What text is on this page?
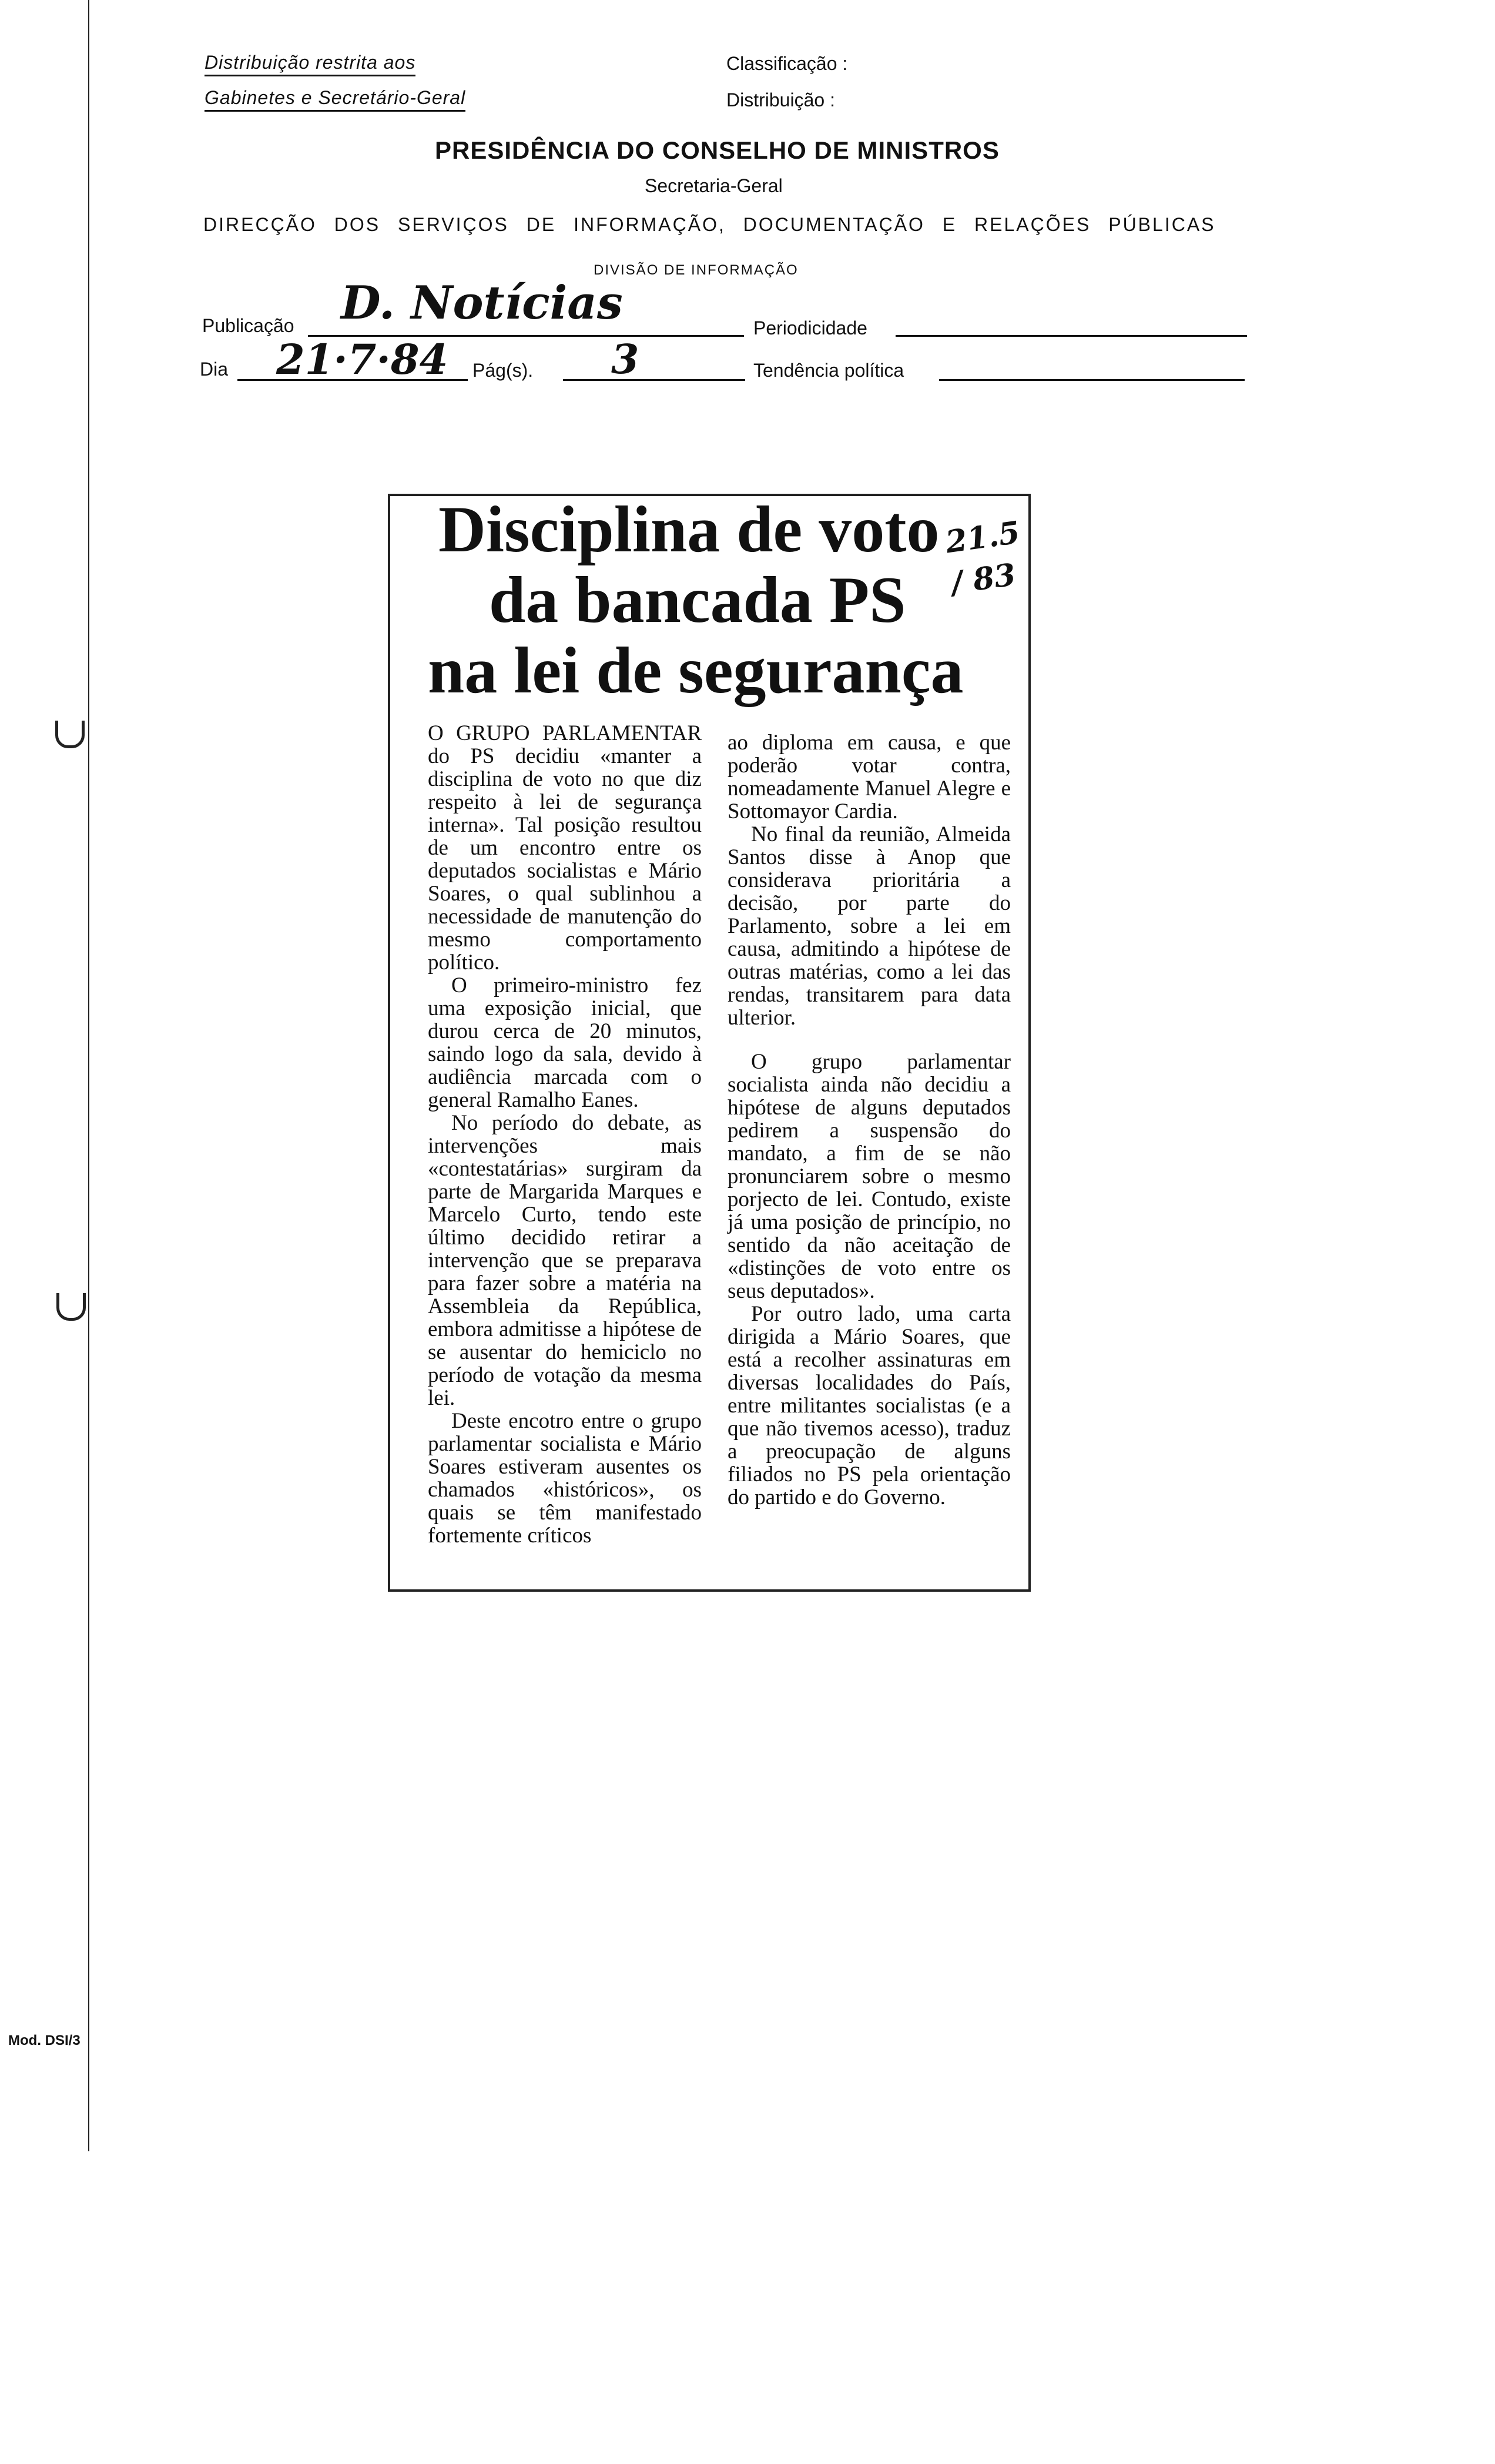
Distribuição restrita aos
Gabinetes e Secretário-Geral
Classificação :
Distribuição :
PRESIDÊNCIA DO CONSELHO DE MINISTROS
Secretaria-Geral
DIRECÇÃO DOS SERVIÇOS DE INFORMAÇÃO, DOCUMENTAÇÃO E RELAÇÕES PÚBLICAS
DIVISÃO DE INFORMAÇÃO
Publicação D. Notícias	Periodicidade
Dia 21·7·84 Pág(s). 3	Tendência política
Disciplina de voto
da bancada PS
na lei de segurança
21.5 / 83

O GRUPO PARLAMENTAR do PS decidiu «manter a disciplina de voto no que diz respeito à lei de segurança interna». Tal posição resultou de um encontro entre os deputados socialistas e Mário Soares, o qual sublinhou a necessidade de manutenção do mesmo comportamento político.

O primeiro-ministro fez uma exposição inicial, que durou cerca de 20 minutos, saindo logo da sala, devido à audiência marcada com o general Ramalho Eanes.

No período do debate, as intervenções mais «contestatárias» surgiram da parte de Margarida Marques e Marcelo Curto, tendo este último decidido retirar a intervenção que se preparava para fazer sobre a matéria na Assembleia da República, embora admitisse a hipótese de se ausentar do hemiciclo no período de votação da mesma lei.

Deste encotro entre o grupo parlamentar socialista e Mário Soares estiveram ausentes os chamados «históricos», os quais se têm manifestado fortemente críticos

ao diploma em causa, e que poderão votar contra, nomeadamente Manuel Alegre e Sottomayor Cardia.

No final da reunião, Almeida Santos disse à Anop que considerava prioritária a decisão, por parte do Parlamento, sobre a lei em causa, admitindo a hipótese de outras matérias, como a lei das rendas, transitarem para data ulterior.

O grupo parlamentar socialista ainda não decidiu a hipótese de alguns deputados pedirem a suspensão do mandato, a fim de se não pronunciarem sobre o mesmo porjecto de lei. Contudo, existe já uma posição de princípio, no sentido da não aceitação de «distinções de voto entre os seus deputados».

Por outro lado, uma carta dirigida a Mário Soares, que está a recolher assinaturas em diversas localidades do País, entre militantes socialistas (e a que não tivemos acesso), traduz a preocupação de alguns filiados no PS pela orientação do partido e do Governo.

Mod. DSI/3
